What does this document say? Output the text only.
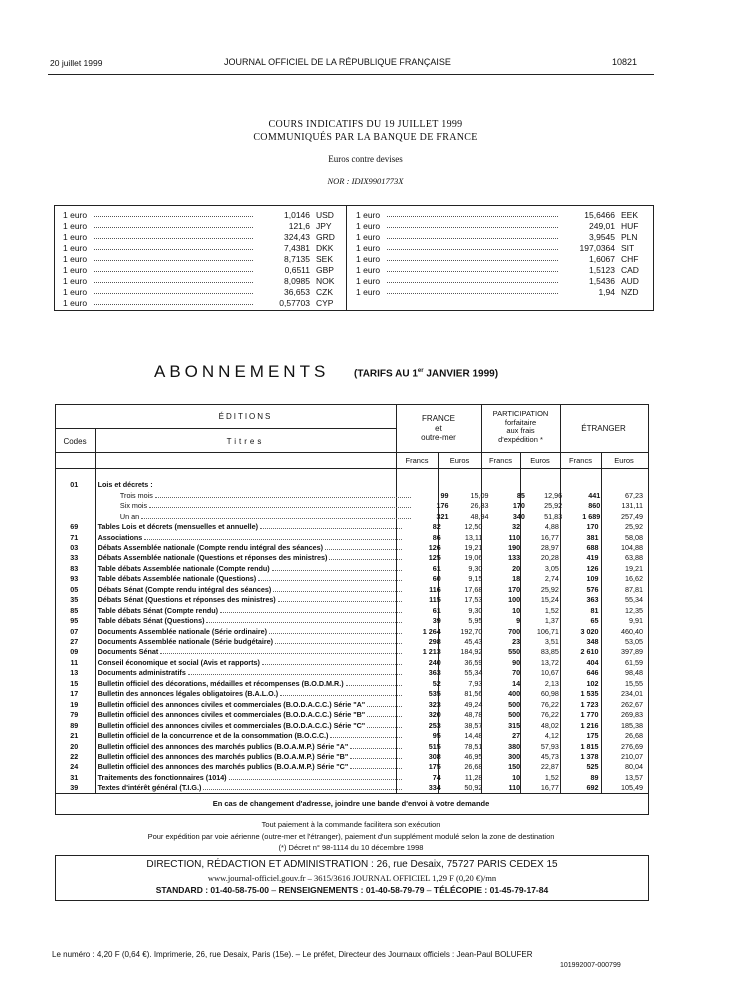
20 juillet 1999	JOURNAL OFFICIEL DE LA RÉPUBLIQUE FRANÇAISE	10821
COURS INDICATIFS DU 19 JUILLET 1999
COMMUNIQUÉS PAR LA BANQUE DE FRANCE
Euros contre devises
NOR : IDIX9901773X
1 euro	1,0146 USD
1 euro	121,6 JPY
1 euro	324,43 GRD
1 euro	7,4381 DKK
1 euro	8,7135 SEK
1 euro	0,6511 GBP
1 euro	8,0985 NOK
1 euro	36,653 CZK
1 euro	0,57703 CYP
1 euro	15,6466 EEK
1 euro	249,01 HUF
1 euro	3,9545 PLN
1 euro	197,0364 SIT
1 euro	1,6067 CHF
1 euro	1,5123 CAD
1 euro	1,5436 AUD
1 euro	1,94 NZD
ABONNEMENTS (TARIFS AU 1er JANVIER 1999)
ÉDITIONS
Codes	Titres
FRANCE
et
outre-mer
PARTICIPATION
forfaitaire
aux frais
d'expédition *
ÉTRANGER
Francs	Euros	Francs	Euros	Francs	Euros
01	Lois et décrets :
Trois mois	99	15,09	85	12,96	441	67,23
Six mois	176	26,83	170	25,92	860	131,11
Un an	321	48,94	340	51,83	1 689	257,49
69	Tables Lois et décrets (mensuelles et annuelle)	82	12,50	32	4,88	170	25,92
71	Associations	86	13,11	110	16,77	381	58,08
03	Débats Assemblée nationale (Compte rendu intégral des séances)	126	19,21	190	28,97	688	104,88
33	Débats Assemblée nationale (Questions et réponses des ministres)	125	19,06	133	20,28	419	63,88
83	Table débats Assemblée nationale (Compte rendu)	61	9,30	20	3,05	126	19,21
93	Table débats Assemblée nationale (Questions)	60	9,15	18	2,74	109	16,62
05	Débats Sénat (Compte rendu intégral des séances)	116	17,68	170	25,92	576	87,81
35	Débats Sénat (Questions et réponses des ministres)	115	17,53	100	15,24	363	55,34
85	Table débats Sénat (Compte rendu)	61	9,30	10	1,52	81	12,35
95	Table débats Sénat (Questions)	39	5,95	9	1,37	65	9,91
07	Documents Assemblée nationale (Série ordinaire)	1 264	192,70	700	106,71	3 020	460,40
27	Documents Assemblée nationale (Série budgétaire)	298	45,43	23	3,51	348	53,05
09	Documents Sénat	1 213	184,92	550	83,85	2 610	397,89
11	Conseil économique et social (Avis et rapports)	240	36,59	90	13,72	404	61,59
13	Documents administratifs	363	55,34	70	10,67	646	98,48
15	Bulletin officiel des décorations, médailles et récompenses (B.O.D.M.R.)	52	7,93	14	2,13	102	15,55
17	Bulletin des annonces légales obligatoires (B.A.L.O.)	535	81,56	400	60,98	1 535	234,01
19	Bulletin officiel des annonces civiles et commerciales (B.O.D.A.C.C.) Série "A"	323	49,24	500	76,22	1 723	262,67
79	Bulletin officiel des annonces civiles et commerciales (B.O.D.A.C.C.) Série "B"	320	48,78	500	76,22	1 770	269,83
89	Bulletin officiel des annonces civiles et commerciales (B.O.D.A.C.C.) Série "C"	253	38,57	315	48,02	1 216	185,38
21	Bulletin officiel de la concurrence et de la consommation (B.O.C.C.)	95	14,48	27	4,12	175	26,68
20	Bulletin officiel des annonces des marchés publics (B.O.A.M.P.) Série "A"	515	78,51	380	57,93	1 815	276,69
22	Bulletin officiel des annonces des marchés publics (B.O.A.M.P.) Série "B"	308	46,95	300	45,73	1 378	210,07
24	Bulletin officiel des annonces des marchés publics (B.O.A.M.P.) Série "C"	175	26,68	150	22,87	525	80,04
31	Traitements des fonctionnaires (1014)	74	11,28	10	1,52	89	13,57
39	Textes d'intérêt général (T.I.G.)	334	50,92	110	16,77	692	105,49
En cas de changement d'adresse, joindre une bande d'envoi à votre demande
Tout paiement à la commande facilitera son exécution
Pour expédition par voie aérienne (outre-mer et l'étranger), paiement d'un supplément modulé selon la zone de destination
(*) Décret n° 98-1114 du 10 décembre 1998
DIRECTION, RÉDACTION ET ADMINISTRATION : 26, rue Desaix, 75727 PARIS CEDEX 15
www.journal-officiel.gouv.fr – 3615/3616 JOURNAL OFFICIEL 1,29 F (0,20 €)/mn
STANDARD : 01-40-58-75-00 – RENSEIGNEMENTS : 01-40-58-79-79 – TÉLÉCOPIE : 01-45-79-17-84
Le numéro : 4,20 F (0,64 €). Imprimerie, 26, rue Desaix, Paris (15e). – Le préfet, Directeur des Journaux officiels : Jean-Paul BOLUFER
101992007-000799
